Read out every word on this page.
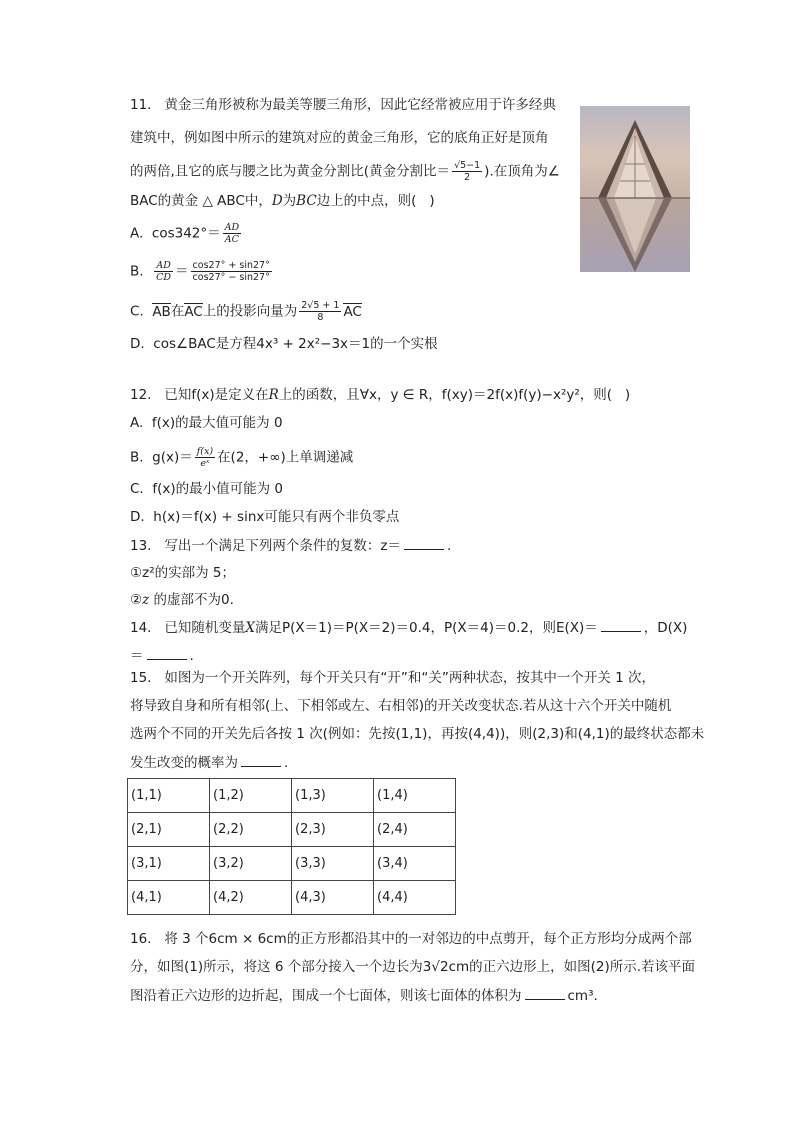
11.   黄金三角形被称为最美等腰三角形，因此它经常被应用于许多经典
建筑中，例如图中所示的建筑对应的黄金三角形，它的底角正好是顶角
的两倍,且它的底与腰之比为黄金分割比(黄金分割比＝ $\frac{√5-1}{2}$ ).在顶角为∠
BAC的黄金 △ ABC中，D为BC边上的中点，则(   )
A. $\cos 342^\circ= \frac{AD}{AC}$
B. $\frac{AD}{CD} = \frac{\cos 27^\circ + \sin 27^\circ}{\cos 27^\circ - \sin 27^\circ}$
C. AB在AC上的投影向量为 $\frac{2√5 + 1}{8}$ AC
D. cos∠BAC是方程4x³ + 2x²−3x＝1的一个实根
12.   已知f(x)是定义在R上的函数，且∀x，y ∈ R，f(xy)＝2f(x)f(y)−x²y²，则(   )
A. f(x)的最大值可能为 0
B. $g(x)= \frac{f(x)}{\text{eˣ}}$ 在(2，+∞)上单调递减
C. f(x)的最小值可能为 0
D. h(x)＝f(x) + sinx可能只有两个非负零点
13.   写出一个满足下列两个条件的复数：z＝	.
①z²的实部为 5；
②z 的虚部不为0.
14.   已知随机变量X满足P(X＝1)＝P(X＝2)＝0.4，P(X＝4)＝0.2，则E(X)＝	，D(X)
＝	.
15.   如图为一个开关阵列，每个开关只有“开”和“关”两种状态，按其中一个开关 1 次，
将导致自身和所有相邻(上、下相邻或左、右相邻)的开关改变状态.若从这十六个开关中随机
选两个不同的开关先后各按 1 次(例如：先按(1,1)，再按(4,4))，则(2,3)和(4,1)的最终状态都未
发生改变的概率为	.
(1,1)	(1,2)	(1,3)	(1,4)
(2,1)	(2,2)	(2,3)	(2,4)
(3,1)	(3,2)	(3,3)	(3,4)
(4,1)	(4,2)	(4,3)	(4,4)
16.   将 3 个6cm × 6cm的正方形都沿其中的一对邻边的中点剪开，每个正方形均分成两个部
分，如图(1)所示，将这 6 个部分接入一个边长为3√2cm的正六边形上，如图(2)所示.若该平面
图沿着正六边形的边折起，围成一个七面体，则该七面体的体积为	cm³.
